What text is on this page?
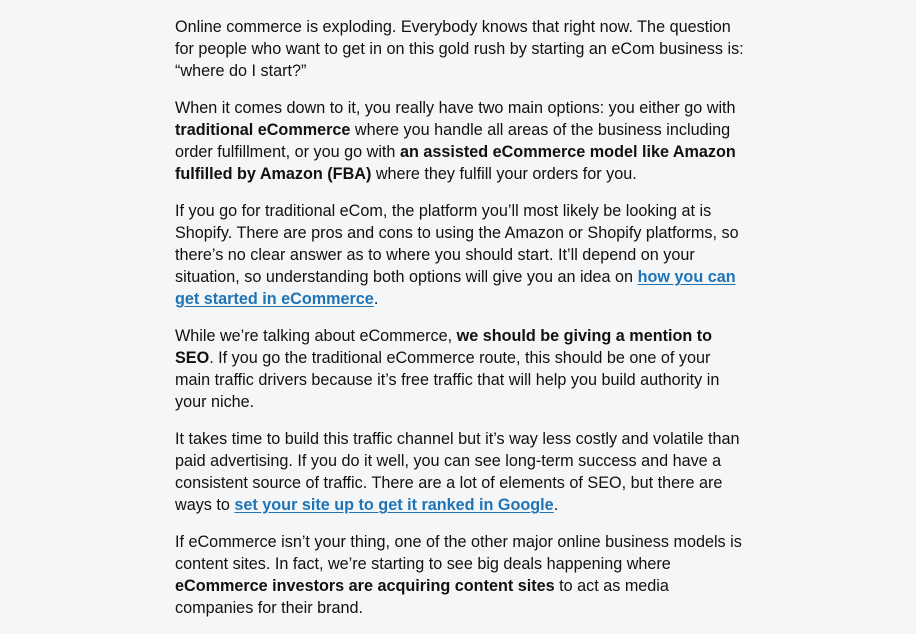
Online commerce is exploding. Everybody knows that right now. The question for people who want to get in on this gold rush by starting an eCom business is: “where do I start?”

When it comes down to it, you really have two main options: you either go with traditional eCommerce where you handle all areas of the business including order fulfillment, or you go with an assisted eCommerce model like Amazon fulfilled by Amazon (FBA) where they fulfill your orders for you.

If you go for traditional eCom, the platform you’ll most likely be looking at is Shopify. There are pros and cons to using the Amazon or Shopify platforms, so there’s no clear answer as to where you should start. It’ll depend on your situation, so understanding both options will give you an idea on how you can get started in eCommerce.

While we’re talking about eCommerce, we should be giving a mention to SEO. If you go the traditional eCommerce route, this should be one of your main traffic drivers because it’s free traffic that will help you build authority in your niche.

It takes time to build this traffic channel but it’s way less costly and volatile than paid advertising. If you do it well, you can see long-term success and have a consistent source of traffic. There are a lot of elements of SEO, but there are ways to set your site up to get it ranked in Google.

If eCommerce isn’t your thing, one of the other major online business models is content sites. In fact, we’re starting to see big deals happening where eCommerce investors are acquiring content sites to act as media companies for their brand.
